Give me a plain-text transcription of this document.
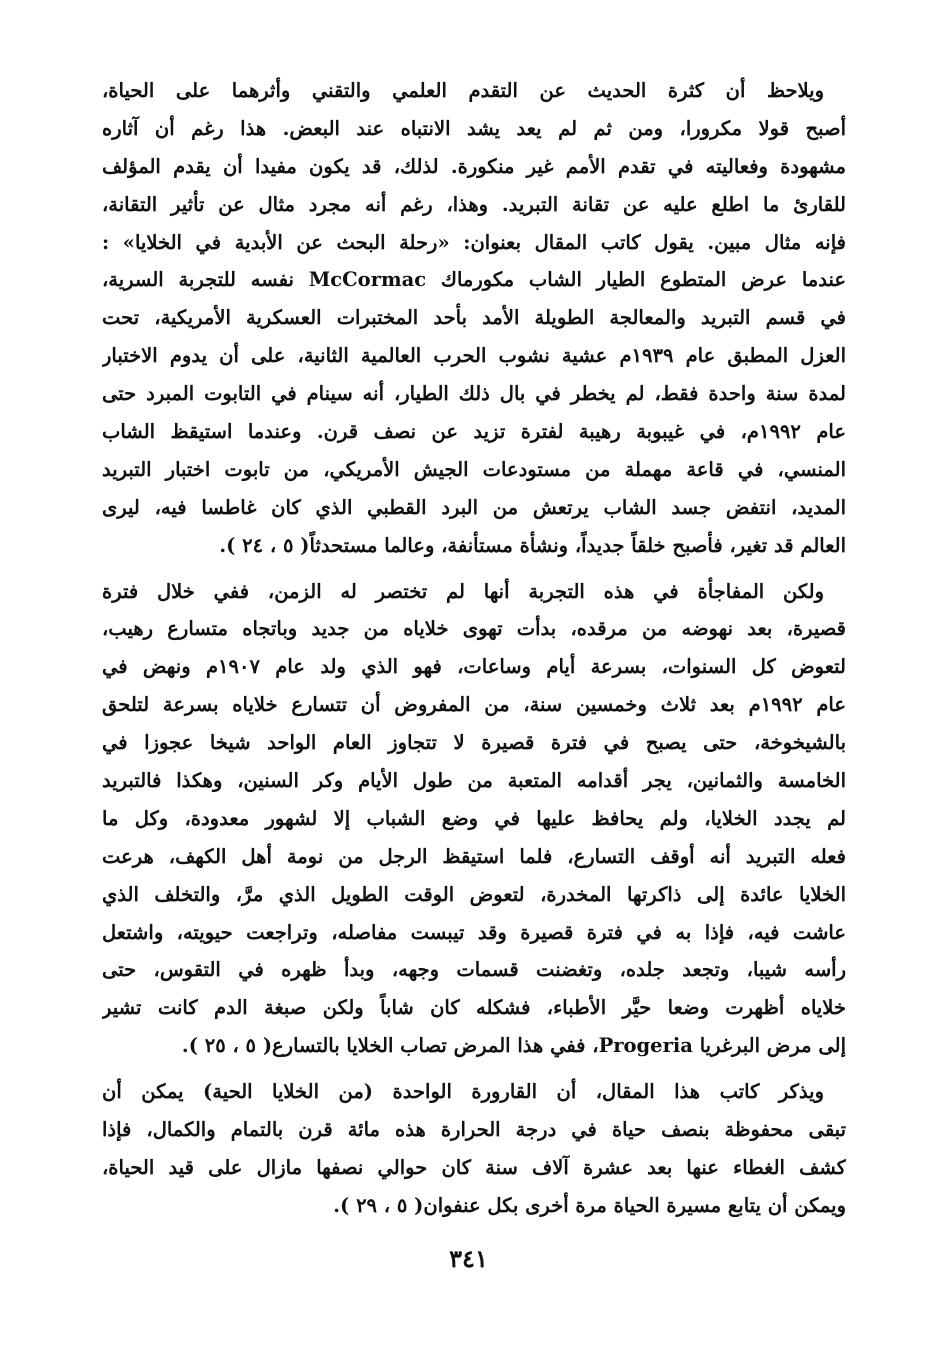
ويلاحظ أن كثرة الحديث عن التقدم العلمي والتقني وأثرهما على الحياة،
أصبح قولا مكرورا، ومن ثم لم يعد يشد الانتباه عند البعض. هذا رغم أن آثاره
مشهودة وفعاليته في تقدم الأمم غير منكورة. لذلك، قد يكون مفيدا أن يقدم المؤلف
للقارئ ما اطلع عليه عن تقانة التبريد. وهذا، رغم أنه مجرد مثال عن تأثير التقانة،
فإنه مثال مبين. يقول كاتب المقال بعنوان: «رحلة البحث عن الأبدية في الخلايا» :
عندما عرض المتطوع الطيار الشاب مكورماك McCormac نفسه للتجربة السرية،
في قسم التبريد والمعالجة الطويلة الأمد بأحد المختبرات العسكرية الأمريكية، تحت
العزل المطبق عام ١٩٣٩م عشية نشوب الحرب العالمية الثانية، على أن يدوم الاختبار
لمدة سنة واحدة فقط، لم يخطر في بال ذلك الطيار، أنه سينام في التابوت المبرد حتى
عام ١٩٩٢م، في غيبوبة رهيبة لفترة تزيد عن نصف قرن. وعندما استيقظ الشاب
المنسي، في قاعة مهملة من مستودعات الجيش الأمريكي، من تابوت اختبار التبريد
المديد، انتفض جسد الشاب يرتعش من البرد القطبي الذي كان غاطسا فيه، ليرى
العالم قد تغير، فأصبح خلقاً جديداً، ونشأة مستأنفة، وعالما مستحدثاً( ٥ ، ٢٤ ).
ولكن المفاجأة في هذه التجربة أنها لم تختصر له الزمن، ففي خلال فترة
قصيرة، بعد نهوضه من مرقده، بدأت تهوى خلاياه من جديد وباتجاه متسارع رهيب،
لتعوض كل السنوات، بسرعة أيام وساعات، فهو الذي ولد عام ١٩٠٧م ونهض في
عام ١٩٩٢م بعد ثلاث وخمسين سنة، من المفروض أن تتسارع خلاياه بسرعة لتلحق
بالشيخوخة، حتى يصبح في فترة قصيرة لا تتجاوز العام الواحد شيخا عجوزا في
الخامسة والثمانين، يجر أقدامه المتعبة من طول الأيام وكر السنين، وهكذا فالتبريد
لم يجدد الخلايا، ولم يحافظ عليها في وضع الشباب إلا لشهور معدودة، وكل ما
فعله التبريد أنه أوقف التسارع، فلما استيقظ الرجل من نومة أهل الكهف، هرعت
الخلايا عائدة إلى ذاكرتها المخدرة، لتعوض الوقت الطويل الذي مرَّ، والتخلف الذي
عاشت فيه، فإذا به في فترة قصيرة وقد تيبست مفاصله، وتراجعت حيويته، واشتعل
رأسه شيبا، وتجعد جلده، وتغضنت قسمات وجهه، وبدأ ظهره في التقوس، حتى
خلاياه أظهرت وضعا حيَّر الأطباء، فشكله كان شاباً ولكن صبغة الدم كانت تشير
إلى مرض البرغريا Progeria، ففي هذا المرض تصاب الخلايا بالتسارع( ٥ ، ٢٥ ).
ويذكر كاتب هذا المقال، أن القارورة الواحدة (من الخلايا الحية) يمكن أن
تبقى محفوظة بنصف حياة في درجة الحرارة هذه مائة قرن بالتمام والكمال، فإذا
كشف الغطاء عنها بعد عشرة آلاف سنة كان حوالي نصفها مازال على قيد الحياة،
ويمكن أن يتابع مسيرة الحياة مرة أخرى بكل عنفوان( ٥ ، ٢٩ ).
٣٤١
